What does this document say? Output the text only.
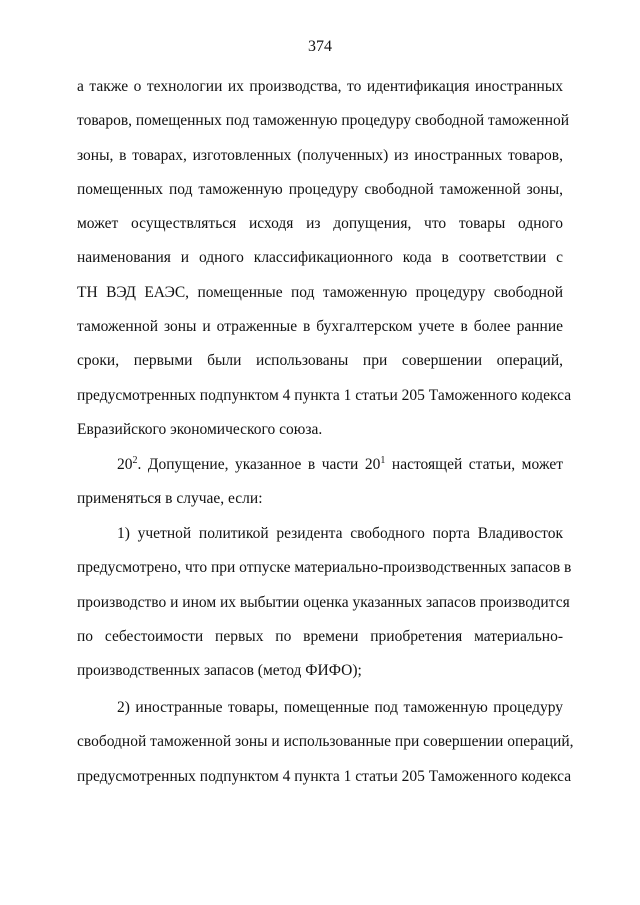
374
а также о технологии их производства, то идентификация иностранных
товаров, помещенных под таможенную процедуру свободной таможенной
зоны, в товарах, изготовленных (полученных) из иностранных товаров,
помещенных под таможенную процедуру свободной таможенной зоны,
может осуществляться исходя из допущения, что товары одного
наименования и одного классификационного кода в соответствии с
ТН ВЭД ЕАЭС, помещенные под таможенную процедуру свободной
таможенной зоны и отраженные в бухгалтерском учете в более ранние
сроки, первыми были использованы при совершении операций,
предусмотренных подпунктом 4 пункта 1 статьи 205 Таможенного кодекса
Евразийского экономического союза.
$20^2$. Допущение, указанное в части $20^1$ настоящей статьи, может
применяться в случае, если:
1) учетной политикой резидента свободного порта Владивосток
предусмотрено, что при отпуске материально-производственных запасов в
производство и ином их выбытии оценка указанных запасов производится
по себестоимости первых по времени приобретения материально-
производственных запасов (метод ФИФО);
2) иностранные товары, помещенные под таможенную процедуру
свободной таможенной зоны и использованные при совершении операций,
предусмотренных подпунктом 4 пункта 1 статьи 205 Таможенного кодекса
